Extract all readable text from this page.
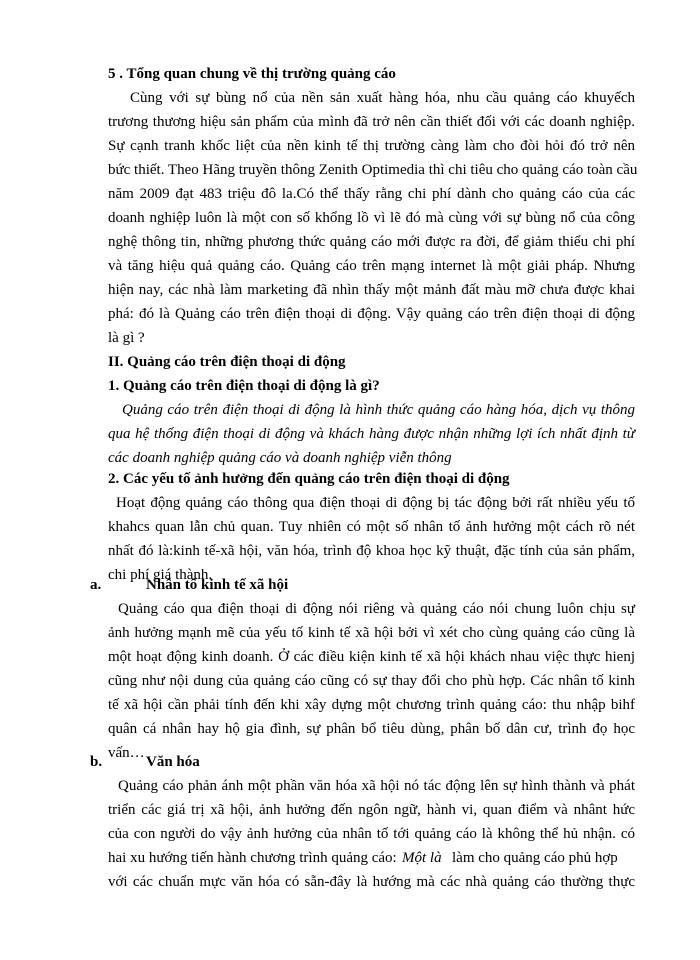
5 . Tổng quan chung về thị trường quảng cáo
Cùng với sự bùng nổ của nền sản xuất hàng hóa, nhu cầu quảng cáo khuyếch
trương thương hiệu sản phẩm của mình đã trở nên cần thiết đối với các doanh nghiệp.
Sự cạnh tranh khốc liệt của nền kinh tế thị trường càng làm cho đòi hỏi đó trở nên
bức thiết. Theo Hãng truyền thông Zenith Optimedia thì chi tiêu cho quảng cáo toàn cầu
năm 2009 đạt 483 triệu đô la.Có thể thấy rằng chi phí dành cho quảng cáo của các
doanh nghiệp luôn là một con số khổng lồ vì lẽ đó mà cùng với sự bùng nổ của công
nghệ thông tin, những phương thức quảng cáo mới được ra đời, để giảm thiểu chi phí
và tăng hiệu quả quảng cáo. Quảng cáo trên mạng internet là một giải pháp. Nhưng
hiện nay, các nhà làm marketing đã nhìn thấy một mảnh đất màu mỡ chưa được khai
phá: đó là Quảng cáo trên điện thoại di động. Vậy quảng cáo trên điện thoại di động
là gì ?
II. Quảng cáo trên điện thoại di động
1. Quảng cáo trên điện thoại di động là gì?
Quảng cáo trên điện thoại di động là hình thức quảng cáo hàng hóa, dịch vụ thông
qua hệ thống điện thoại di động và khách hàng được nhận những lợi ích nhất định từ
các doanh nghiệp quảng cáo và doanh nghiệp viễn thông
2. Các yếu tố ảnh hưởng đến quảng cáo trên điện thoại di động
Hoạt động quảng cáo thông qua điện thoại di động bị tác động bởi rất nhiều yếu tố
khahcs quan lẫn chủ quan. Tuy nhiên có một số nhân tố ảnh hưởng một cách rõ nét
nhất đó là:kinh tế-xã hội, văn hóa, trình độ khoa học kỹ thuật, đặc tính của sản phẩm,
chi phí giá thành.
a.	Nhân tố kinh tế xã hội
Quảng cáo qua điện thoại di động nói riêng và quảng cáo nói chung luôn chịu sự
ảnh hưởng mạnh mẽ của yếu tố kinh tế xã hội bởi vì xét cho cùng quảng cáo cũng là
một hoạt động kinh doanh. Ở các điều kiện kinh tế xã hội khách nhau việc thực hienj
cũng như nội dung của quảng cáo cũng có sự thay đổi cho phù hợp. Các nhân tố kinh
tế xã hội cần phải tính đến khi xây dựng một chương trình quảng cáo: thu nhập bihf
quân cá nhân hay hộ gia đình, sự phân bổ tiêu dùng, phân bố dân cư, trình đọ học
vấn…
b.	Văn hóa
Quảng cáo phản ánh một phần văn hóa xã hội nó tác động lên sự hình thành và phát
triển các giá trị xã hội, ảnh hưởng đến ngôn ngữ, hành vi, quan điểm và nhânt hức
của con người do vậy ảnh hưởng của nhân tố tới quảng cáo là không thể hủ nhận. có
hai xu hướng tiến hành chương trình quảng cáo: Một là làm cho quảng cáo phủ hợp
với các chuẩn mực văn hóa có sẵn-đây là hướng mà các nhà quảng cáo thường thực
